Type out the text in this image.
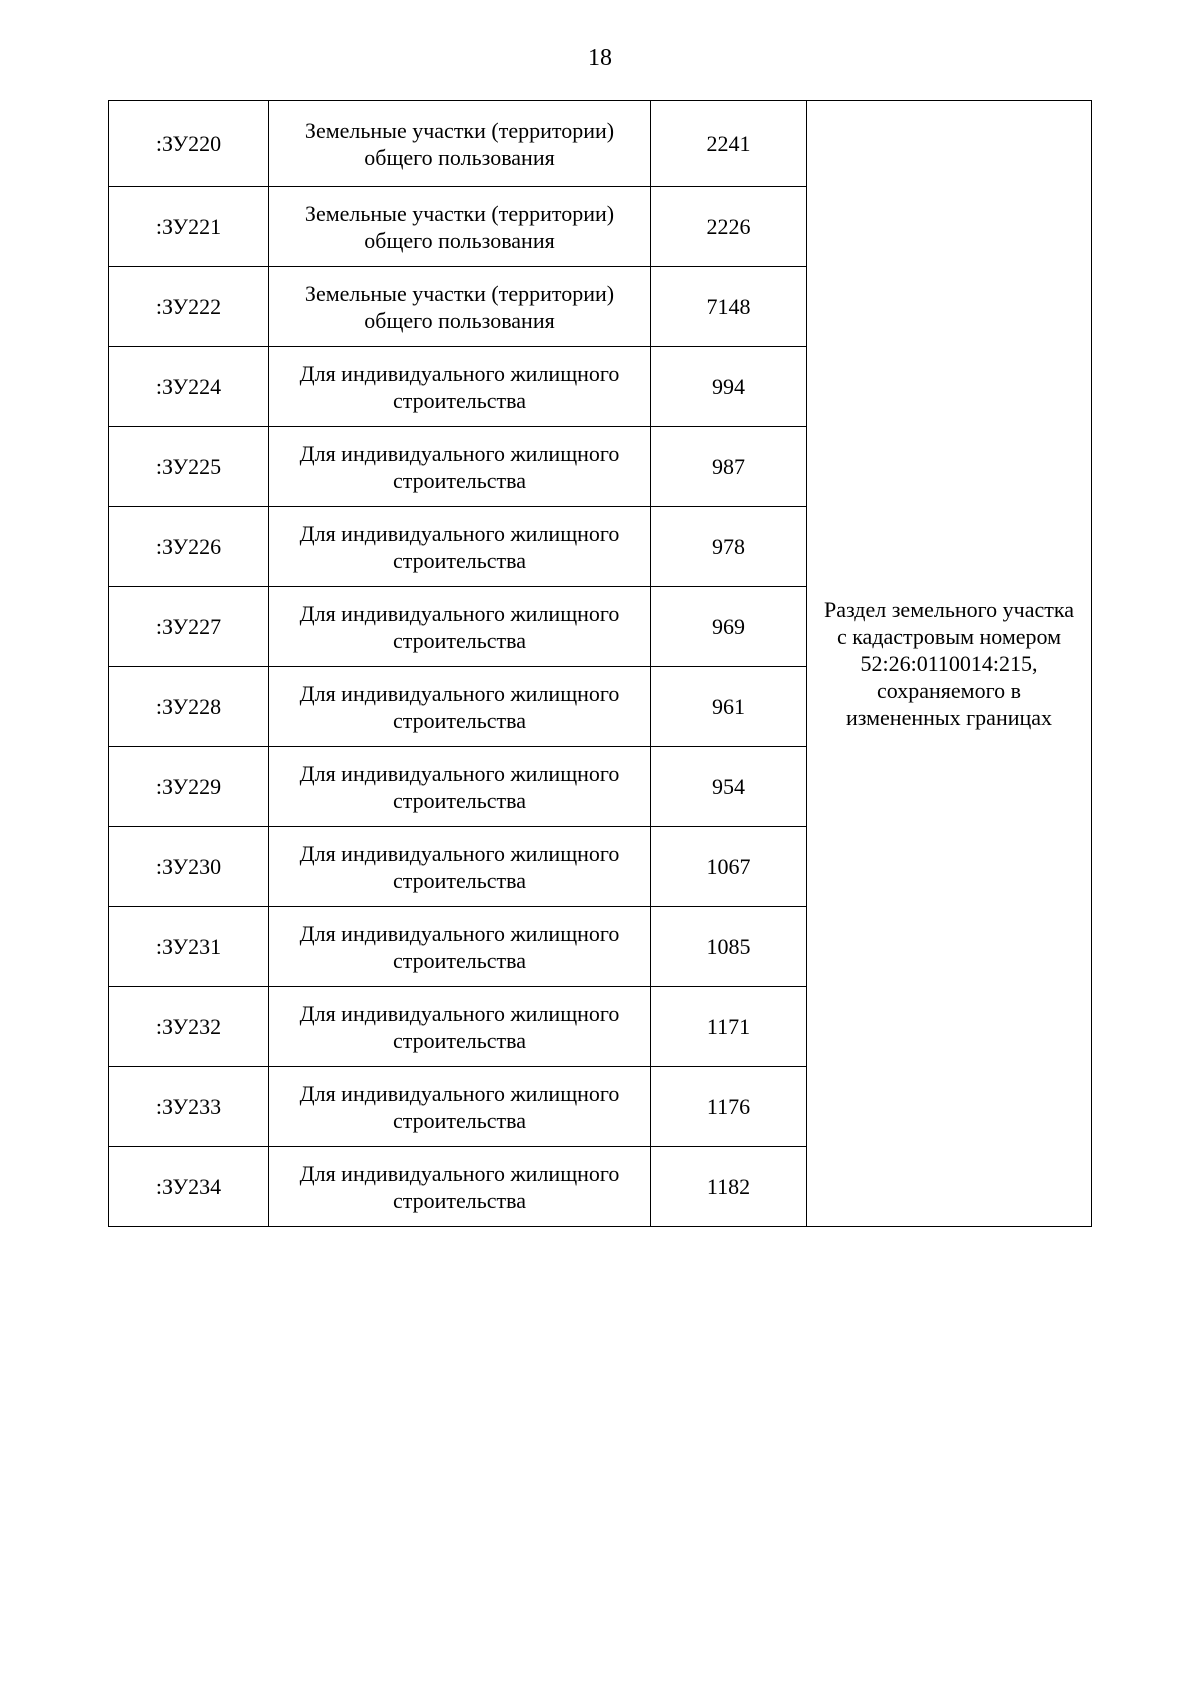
18
:ЗУ220	Земельные участки (территории) общего пользования	2241	Раздел земельного участка с кадастровым номером 52:26:0110014:215, сохраняемого в измененных границах
:ЗУ221	Земельные участки (территории) общего пользования	2226	
:ЗУ222	Земельные участки (территории) общего пользования	7148	
:ЗУ224	Для индивидуального жилищного строительства	994	
:ЗУ225	Для индивидуального жилищного строительства	987	
:ЗУ226	Для индивидуального жилищного строительства	978	
:ЗУ227	Для индивидуального жилищного строительства	969	
:ЗУ228	Для индивидуального жилищного строительства	961	
:ЗУ229	Для индивидуального жилищного строительства	954	
:ЗУ230	Для индивидуального жилищного строительства	1067	
:ЗУ231	Для индивидуального жилищного строительства	1085	
:ЗУ232	Для индивидуального жилищного строительства	1171	
:ЗУ233	Для индивидуального жилищного строительства	1176	
:ЗУ234	Для индивидуального жилищного строительства	1182	
